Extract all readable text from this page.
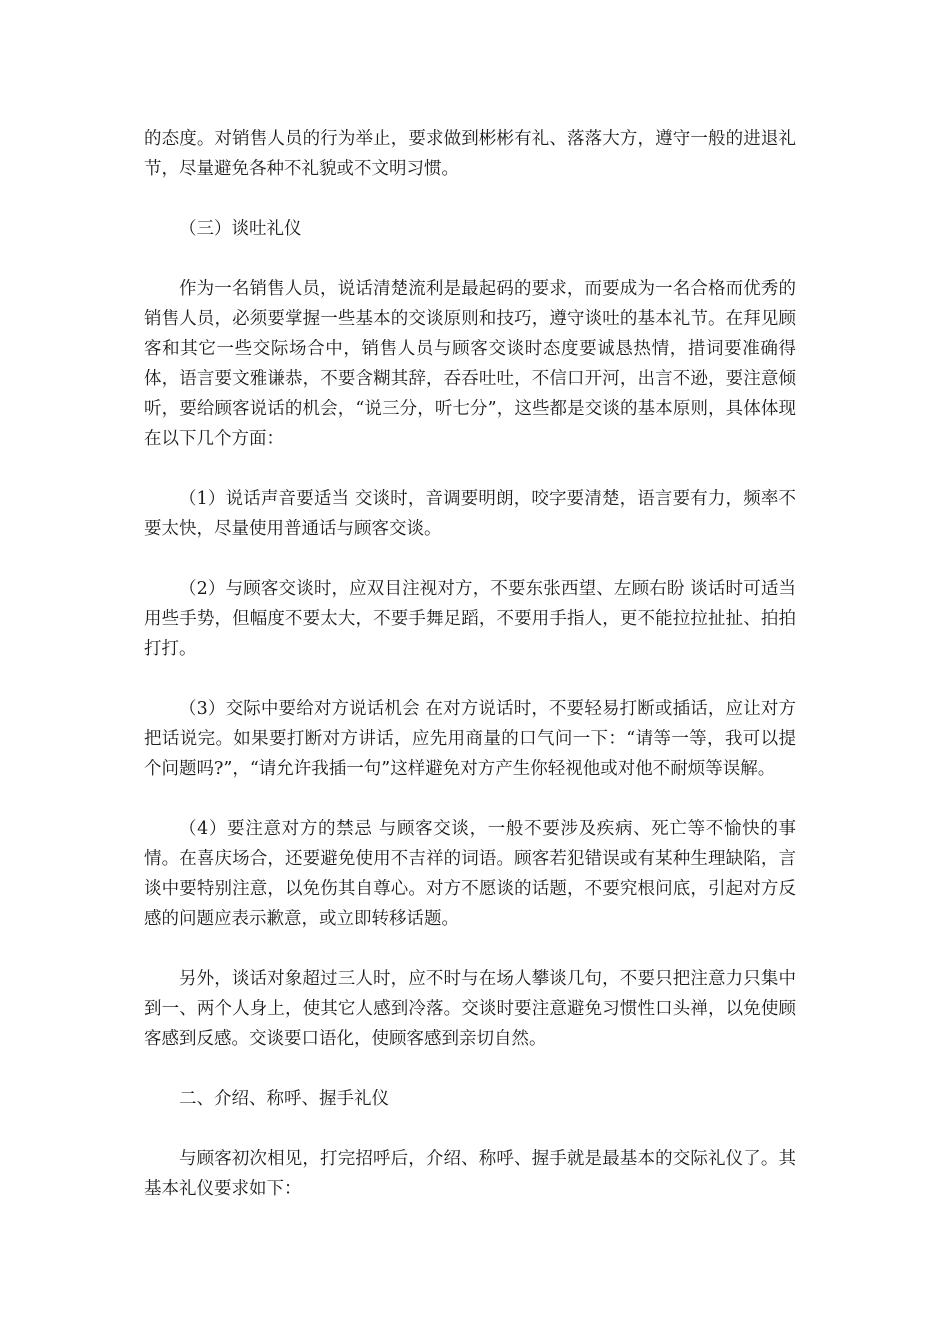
的态度。对销售人员的行为举止，要求做到彬彬有礼、落落大方，遵守一般的进退礼节，尽量避免各种不礼貌或不文明习惯。

（三）谈吐礼仪

作为一名销售人员，说话清楚流利是最起码的要求，而要成为一名合格而优秀的销售人员，必须要掌握一些基本的交谈原则和技巧，遵守谈吐的基本礼节。在拜见顾客和其它一些交际场合中，销售人员与顾客交谈时态度要诚恳热情，措词要准确得体，语言要文雅谦恭，不要含糊其辞，吞吞吐吐，不信口开河，出言不逊，要注意倾听，要给顾客说话的机会，“说三分，听七分”，这些都是交谈的基本原则，具体体现在以下几个方面：

（1）说话声音要适当 交谈时，音调要明朗，咬字要清楚，语言要有力，频率不要太快，尽量使用普通话与顾客交谈。

（2）与顾客交谈时，应双目注视对方，不要东张西望、左顾右盼 谈话时可适当用些手势，但幅度不要太大，不要手舞足蹈，不要用手指人，更不能拉拉扯扯、拍拍打打。

（3）交际中要给对方说话机会 在对方说话时，不要轻易打断或插话，应让对方把话说完。如果要打断对方讲话，应先用商量的口气问一下：“请等一等，我可以提个问题吗?”，“请允许我插一句”这样避免对方产生你轻视他或对他不耐烦等误解。

（4）要注意对方的禁忌 与顾客交谈，一般不要涉及疾病、死亡等不愉快的事情。在喜庆场合，还要避免使用不吉祥的词语。顾客若犯错误或有某种生理缺陷，言谈中要特别注意，以免伤其自尊心。对方不愿谈的话题，不要究根问底，引起对方反感的问题应表示歉意，或立即转移话题。

另外，谈话对象超过三人时，应不时与在场人攀谈几句，不要只把注意力只集中到一、两个人身上，使其它人感到冷落。交谈时要注意避免习惯性口头禅，以免使顾客感到反感。交谈要口语化，使顾客感到亲切自然。

二、介绍、称呼、握手礼仪

与顾客初次相见，打完招呼后，介绍、称呼、握手就是最基本的交际礼仪了。其基本礼仪要求如下：
